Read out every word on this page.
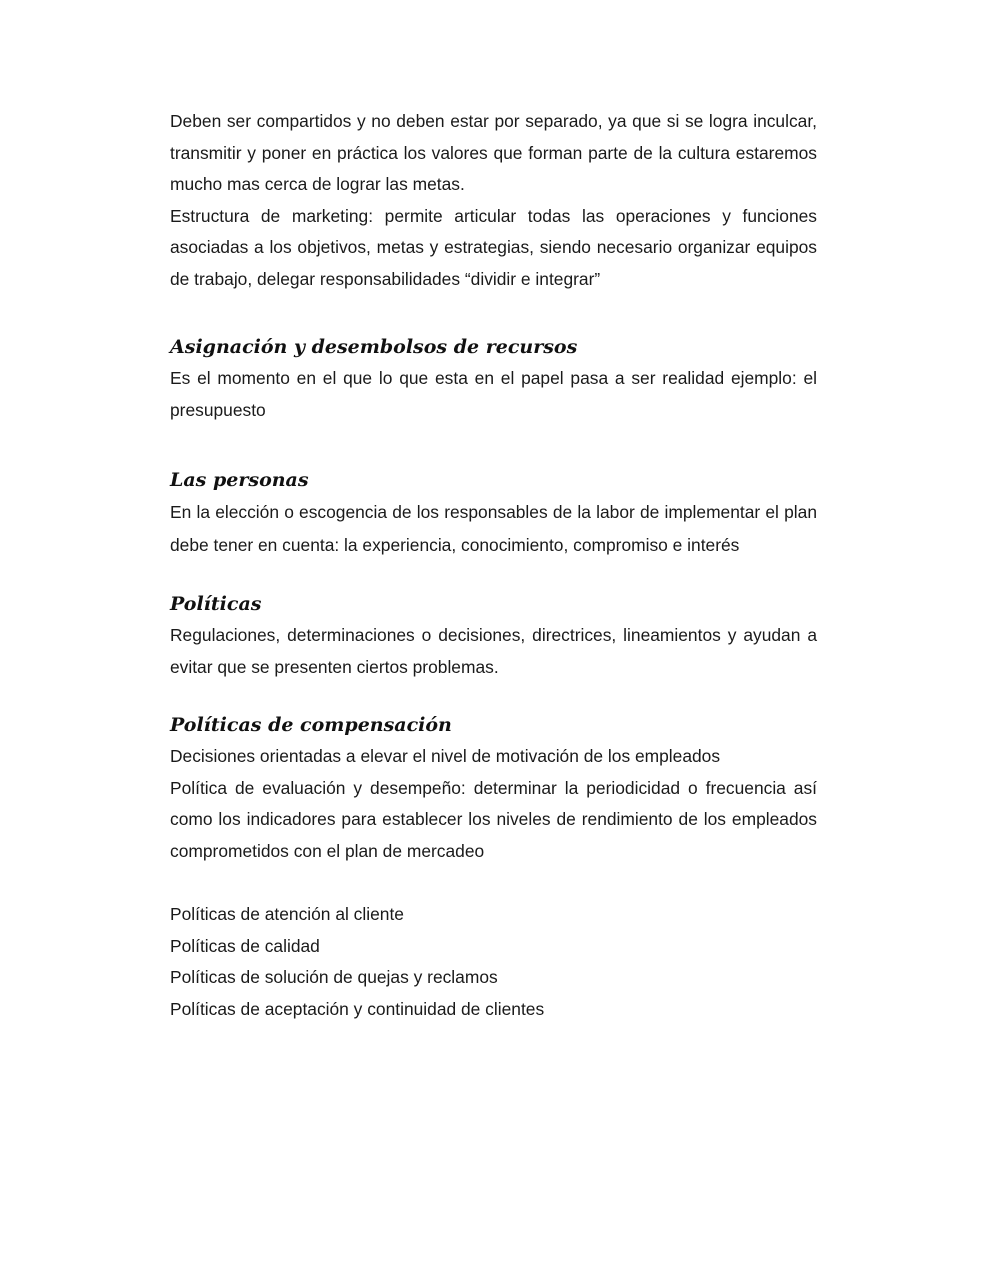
Deben ser compartidos y no deben estar por separado, ya que si se logra inculcar, transmitir y poner en práctica los valores que forman parte de la cultura estaremos mucho mas cerca de lograr las metas.

Estructura de marketing: permite articular todas las operaciones y funciones asociadas a los objetivos, metas y estrategias, siendo necesario organizar equipos de trabajo, delegar responsabilidades “dividir e integrar”

Asignación y desembolsos de recursos

Es el momento en el que lo que esta en el papel pasa a ser realidad ejemplo: el presupuesto

Las personas

En la elección o escogencia de los responsables de la labor de implementar el plan debe tener en cuenta: la experiencia, conocimiento, compromiso e interés

Políticas

Regulaciones, determinaciones o decisiones, directrices, lineamientos y ayudan a evitar que se presenten ciertos problemas.

Políticas de compensación

Decisiones orientadas a elevar el nivel de motivación de los empleados

Política de evaluación y desempeño: determinar la periodicidad o frecuencia así como los indicadores para establecer los niveles de rendimiento de los empleados comprometidos con el plan de mercadeo

Políticas de atención al cliente

Políticas de calidad

Políticas de solución de quejas y reclamos

Políticas de aceptación y continuidad de clientes
